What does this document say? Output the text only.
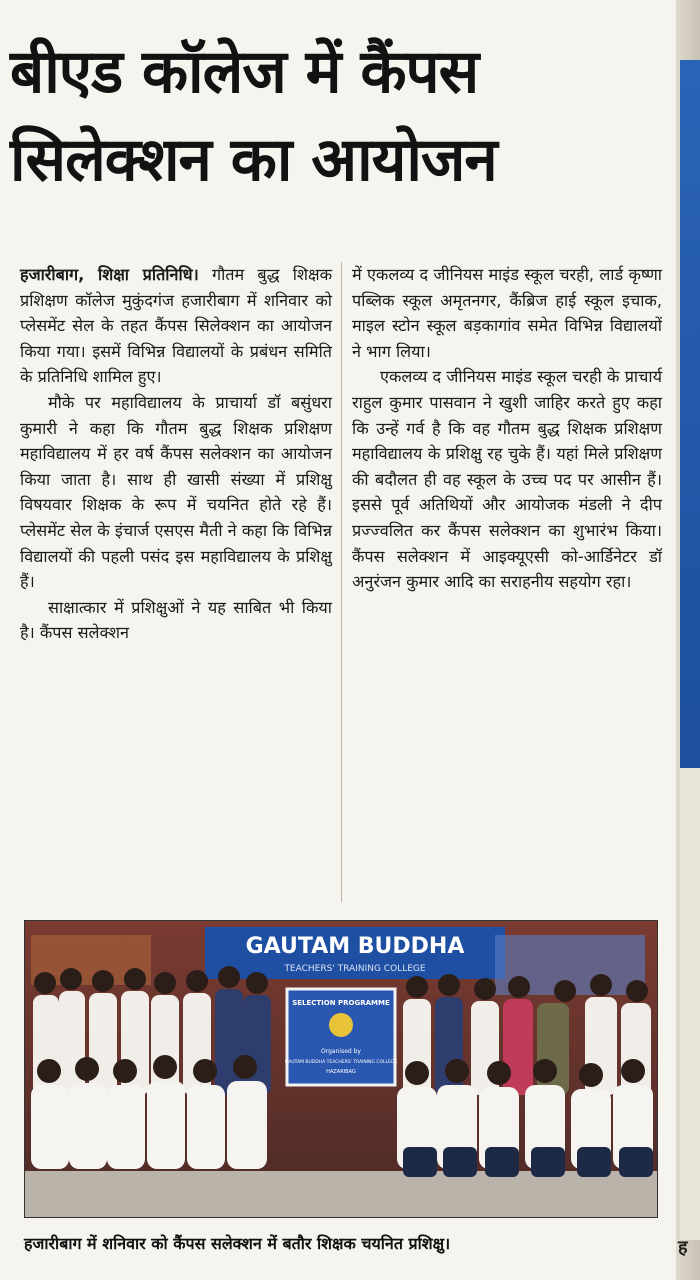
ह
बीएड कॉलेज में कैंपस
सिलेक्शन का आयोजन

हजारीबाग, शिक्षा प्रतिनिधि। गौतम बुद्ध शिक्षक प्रशिक्षण कॉलेज मुकुंदगंज हजारीबाग में शनिवार को प्लेसमेंट सेल के तहत कैंपस सिलेक्शन का आयोजन किया गया। इसमें विभिन्न विद्यालयों के प्रबंधन समिति के प्रतिनिधि शामिल हुए।

मौके पर महाविद्यालय के प्राचार्या डॉ बसुंधरा कुमारी ने कहा कि गौतम बुद्ध शिक्षक प्रशिक्षण महाविद्यालय में हर वर्ष कैंपस सलेक्शन का आयोजन किया जाता है। साथ ही खासी संख्या में प्रशिक्षु विषयवार शिक्षक के रूप में चयनित होते रहे हैं। प्लेसमेंट सेल के इंचार्ज एसएस मैती ने कहा कि विभिन्न विद्यालयों की पहली पसंद इस महाविद्यालय के प्रशिक्षु हैं।

साक्षात्कार में प्रशिक्षुओं ने यह साबित भी किया है। कैंपस सलेक्शन

में एकलव्य द जीनियस माइंड स्कूल चरही, लार्ड कृष्णा पब्लिक स्कूल अमृतनगर, कैंब्रिज हाई स्कूल इचाक, माइल स्टोन स्कूल बड़कागांव समेत विभिन्न विद्यालयों ने भाग लिया।

एकलव्य द जीनियस माइंड स्कूल चरही के प्राचार्य राहुल कुमार पासवान ने खुशी जाहिर करते हुए कहा कि उन्हें गर्व है कि वह गौतम बुद्ध शिक्षक प्रशिक्षण महाविद्यालय के प्रशिक्षु रह चुके हैं। यहां मिले प्रशिक्षण की बदौलत ही वह स्कूल के उच्च पद पर आसीन हैं। इससे पूर्व अतिथियों और आयोजक मंडली ने दीप प्रज्ज्वलित कर कैंपस सलेक्शन का शुभारंभ किया। कैंपस सलेक्शन में आइक्यूएसी को-आर्डिनेटर डॉ अनुरंजन कुमार आदि का सराहनीय सहयोग रहा।

GAUTAM BUDDHA
TEACHERS' TRAINING COLLEGE
SELECTION PROGRAMME
Organised by
GAUTAM BUDDHA TEACHERS' TRAINING COLLEGE
HAZARIBAG
हजारीबाग में शनिवार को कैंपस सलेक्शन में बतौर शिक्षक चयनित प्रशिक्षु।
